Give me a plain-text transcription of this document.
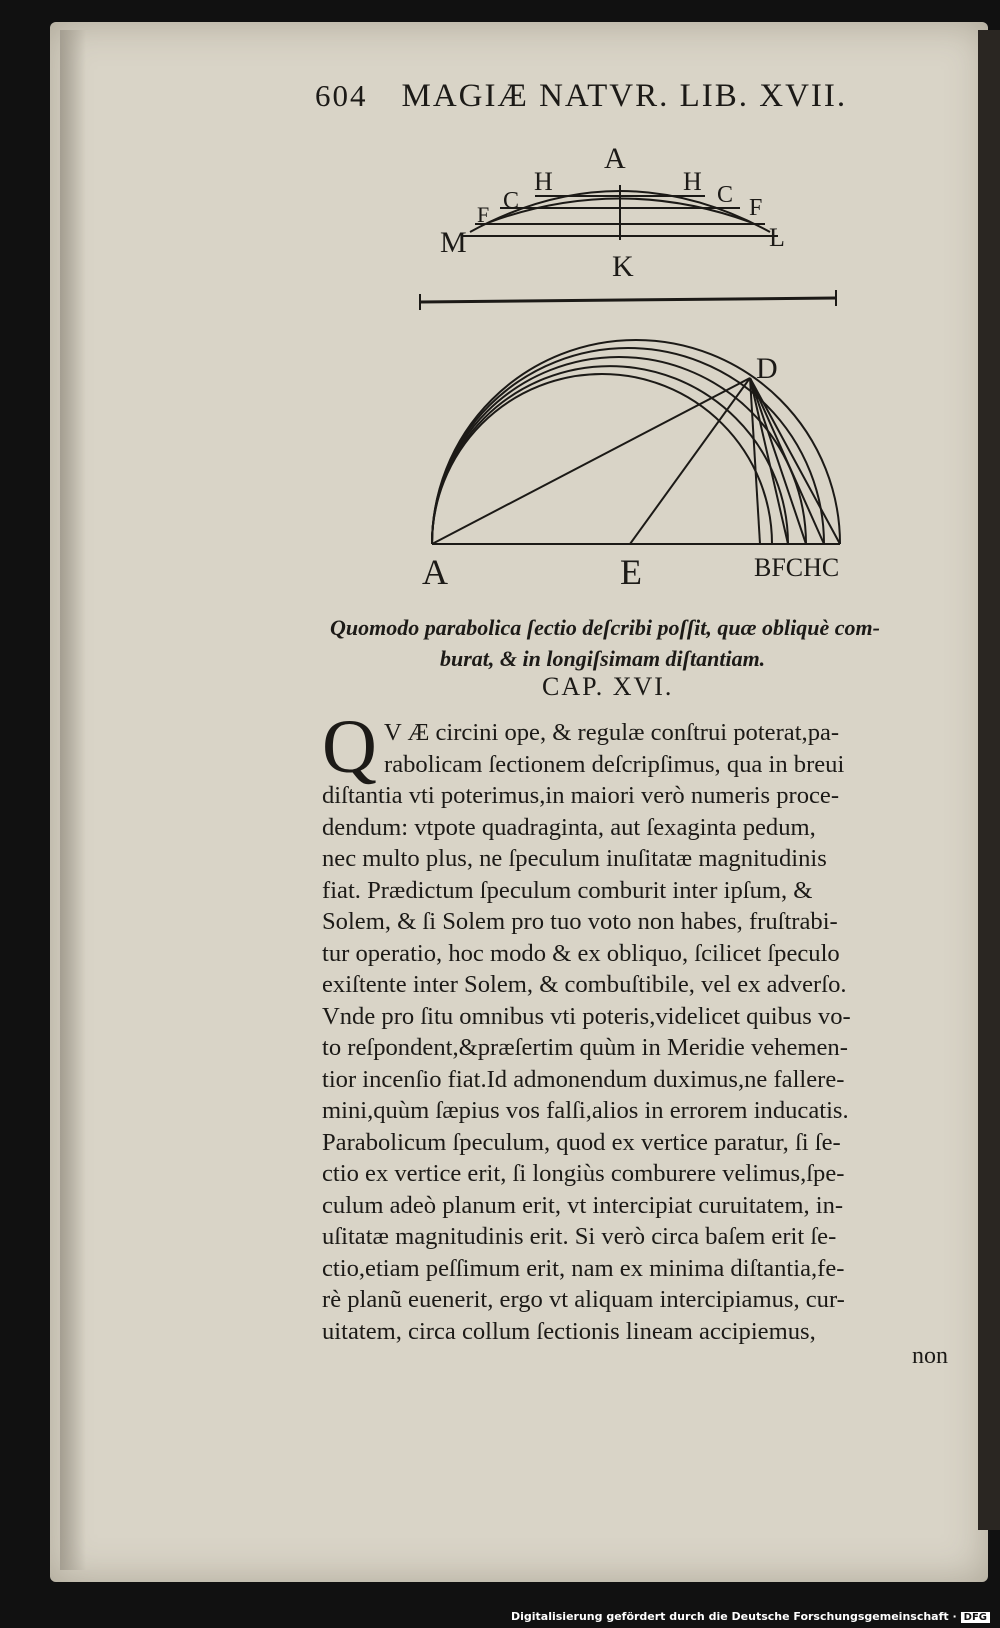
604 MAGIÆ NATVR. LIB. XVII.
A
H
C
F
M
H C F
L
K
D
A	E	BFCHC
Quomodo parabolica ſectio deſcribi poſſit, quæ obliquè com-
burat, & in longiſsimam diſtantiam.
CAP. XVI.
Q V Æ circini ope, & regulæ conſtrui poterat,pa-
rabolicam ſectionem deſcripſimus, qua in breui
diſtantia vti poterimus,in maiori verò numeris proce-
dendum: vtpote quadraginta, aut ſexaginta pedum,
nec multo plus, ne ſpeculum inuſitatæ magnitudinis
fiat. Prædictum ſpeculum comburit inter ipſum, &
Solem, & ſi Solem pro tuo voto non habes, fruſtrabi-
tur operatio, hoc modo & ex obliquo, ſcilicet ſpeculo
exiſtente inter Solem, & combuſtibile, vel ex adverſo.
Vnde pro ſitu omnibus vti poteris,videlicet quibus vo-
to reſpondent,&præſertim quùm in Meridie vehemen-
tior incenſio fiat.Id admonendum duximus,ne fallere-
mini,quùm ſæpius vos falſi,alios in errorem inducatis.
Parabolicum ſpeculum, quod ex vertice paratur, ſi ſe-
ctio ex vertice erit, ſi longiùs comburere velimus,ſpe-
culum adeò planum erit, vt intercipiat curuitatem, in-
uſitatæ magnitudinis erit. Si verò circa baſem erit ſe-
ctio,etiam peſſimum erit, nam ex minima diſtantia,fe-
rè planũ euenerit, ergo vt aliquam intercipiamus, cur-
uitatem, circa collum ſectionis lineam accipiemus,
non
Digitalisierung gefördert durch die Deutsche Forschungsgemeinschaft · DFG
